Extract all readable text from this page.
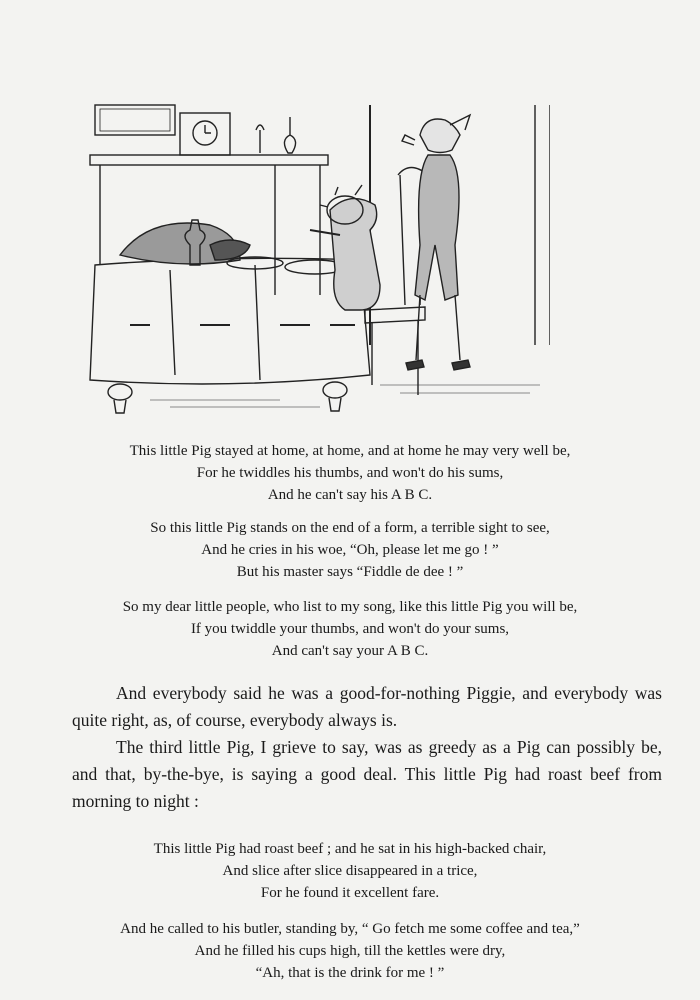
This little Pig stayed at home, at home, and at home he may very well be,
For he twiddles his thumbs, and won't do his sums,
And he can't say his A B C.
So this little Pig stands on the end of a form, a terrible sight to see,
And he cries in his woe, “Oh, please let me go ! ”
But his master says “Fiddle de dee ! ”
So my dear little people, who list to my song, like this little Pig you will be,
If you twiddle your thumbs, and won't do your sums,
And can't say your A B C.

And everybody said he was a good-for-nothing Piggie, and everybody was quite right, as, of course, everybody always is.

The third little Pig, I grieve to say, was as greedy as a Pig can possibly be, and that, by-the-bye, is saying a good deal. This little Pig had roast beef from morning to night :

This little Pig had roast beef ; and he sat in his high-backed chair,
And slice after slice disappeared in a trice,
For he found it excellent fare.
And he called to his butler, standing by, “ Go fetch me some coffee and tea,”
And he filled his cups high, till the kettles were dry,
“Ah, that is the drink for me ! ”
